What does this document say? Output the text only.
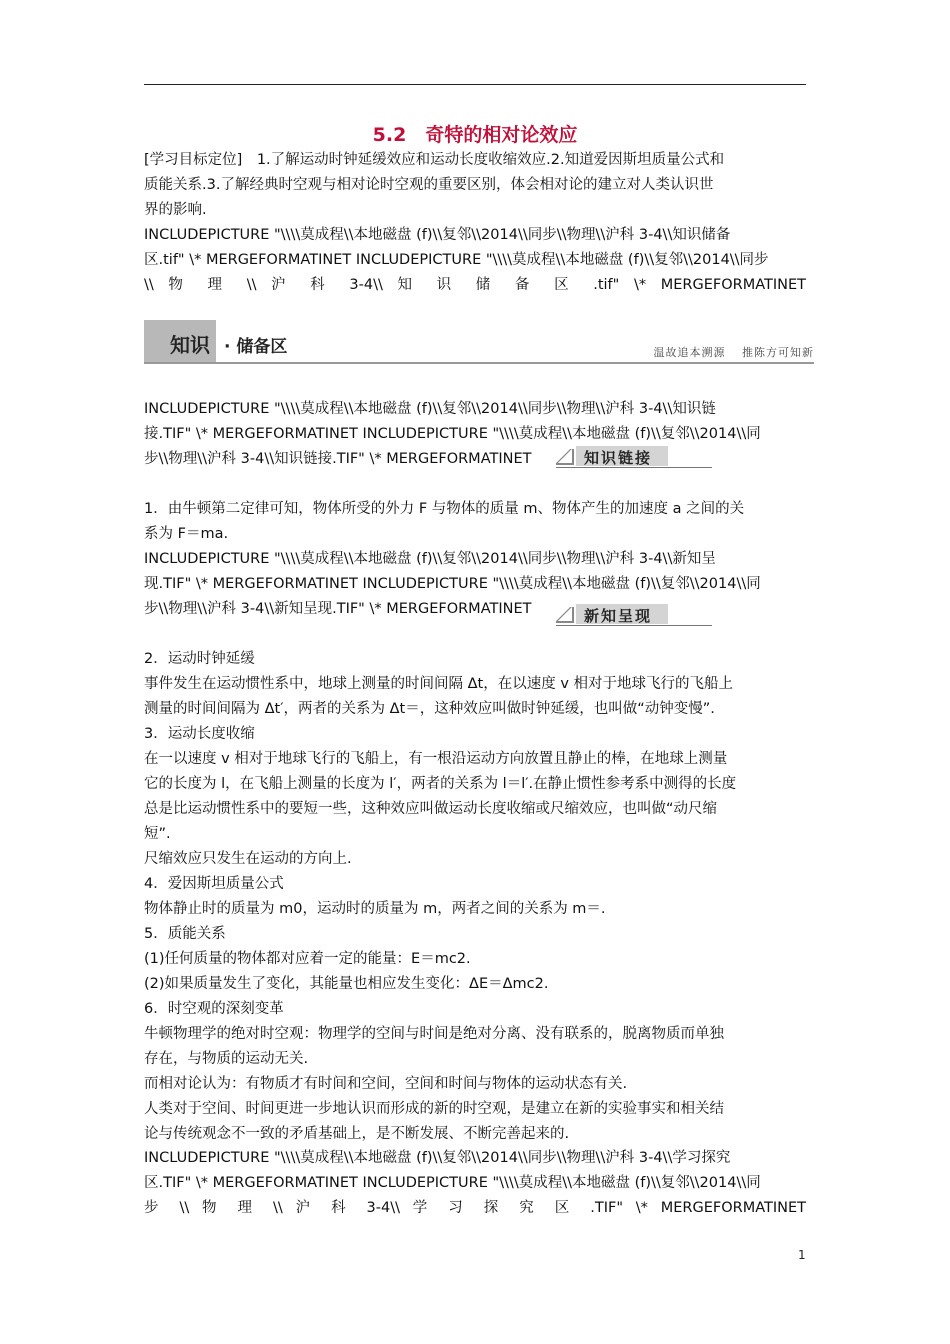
5.2　奇特的相对论效应

[学习目标定位]　1.了解运动时钟延缓效应和运动长度收缩效应.2.知道爱因斯坦质量公式和

质能关系.3.了解经典时空观与相对论时空观的重要区别，体会相对论的建立对人类认识世

界的影响.

INCLUDEPICTURE "\\\\莫成程\\本地磁盘 (f)\\复邻\\2014\\同步\\物理\\沪科 3-4\\知识储备

区.tif" \* MERGEFORMATINET INCLUDEPICTURE "\\\\莫成程\\本地磁盘 (f)\\复邻\\2014\\同步

\\ 物 理 \\ 沪 科 3-4\\ 知 识 储 备 区 .tif" \* MERGEFORMATINET

知识 · 储备区	温故追本溯源　 推陈方可知新

INCLUDEPICTURE "\\\\莫成程\\本地磁盘 (f)\\复邻\\2014\\同步\\物理\\沪科 3-4\\知识链

接.TIF" \* MERGEFORMATINET INCLUDEPICTURE "\\\\莫成程\\本地磁盘 (f)\\复邻\\2014\\同

步\\物理\\沪科 3-4\\知识链接.TIF" \* MERGEFORMATINET	知识链接

1．由牛顿第二定律可知，物体所受的外力 F 与物体的质量 m、物体产生的加速度 a 之间的关

系为 F＝ma.

INCLUDEPICTURE "\\\\莫成程\\本地磁盘 (f)\\复邻\\2014\\同步\\物理\\沪科 3-4\\新知呈

现.TIF" \* MERGEFORMATINET INCLUDEPICTURE "\\\\莫成程\\本地磁盘 (f)\\复邻\\2014\\同

步\\物理\\沪科 3-4\\新知呈现.TIF" \* MERGEFORMATINET	新知呈现

2．运动时钟延缓

事件发生在运动惯性系中，地球上测量的时间间隔 Δt，在以速度 v 相对于地球飞行的飞船上

测量的时间间隔为 Δt′，两者的关系为 Δt＝，这种效应叫做时钟延缓，也叫做“动钟变慢”.

3．运动长度收缩

在一以速度 v 相对于地球飞行的飞船上，有一根沿运动方向放置且静止的棒，在地球上测量

它的长度为 l，在飞船上测量的长度为 l′，两者的关系为 l＝l′.在静止惯性参考系中测得的长度

总是比运动惯性系中的要短一些，这种效应叫做运动长度收缩或尺缩效应，也叫做“动尺缩

短”.

尺缩效应只发生在运动的方向上.

4．爱因斯坦质量公式

物体静止时的质量为 m0，运动时的质量为 m，两者之间的关系为 m＝.

5．质能关系

(1)任何质量的物体都对应着一定的能量：E＝mc2.

(2)如果质量发生了变化，其能量也相应发生变化：ΔE＝Δmc2.

6．时空观的深刻变革

牛顿物理学的绝对时空观：物理学的空间与时间是绝对分离、没有联系的，脱离物质而单独

存在，与物质的运动无关.

而相对论认为：有物质才有时间和空间，空间和时间与物体的运动状态有关.

人类对于空间、时间更进一步地认识而形成的新的时空观，是建立在新的实验事实和相关结

论与传统观念不一致的矛盾基础上，是不断发展、不断完善起来的.

INCLUDEPICTURE "\\\\莫成程\\本地磁盘 (f)\\复邻\\2014\\同步\\物理\\沪科 3-4\\学习探究

区.TIF" \* MERGEFORMATINET INCLUDEPICTURE "\\\\莫成程\\本地磁盘 (f)\\复邻\\2014\\同

步 \\ 物 理 \\ 沪 科 3-4\\ 学 习 探 究 区 .TIF" \* MERGEFORMATINET

1
